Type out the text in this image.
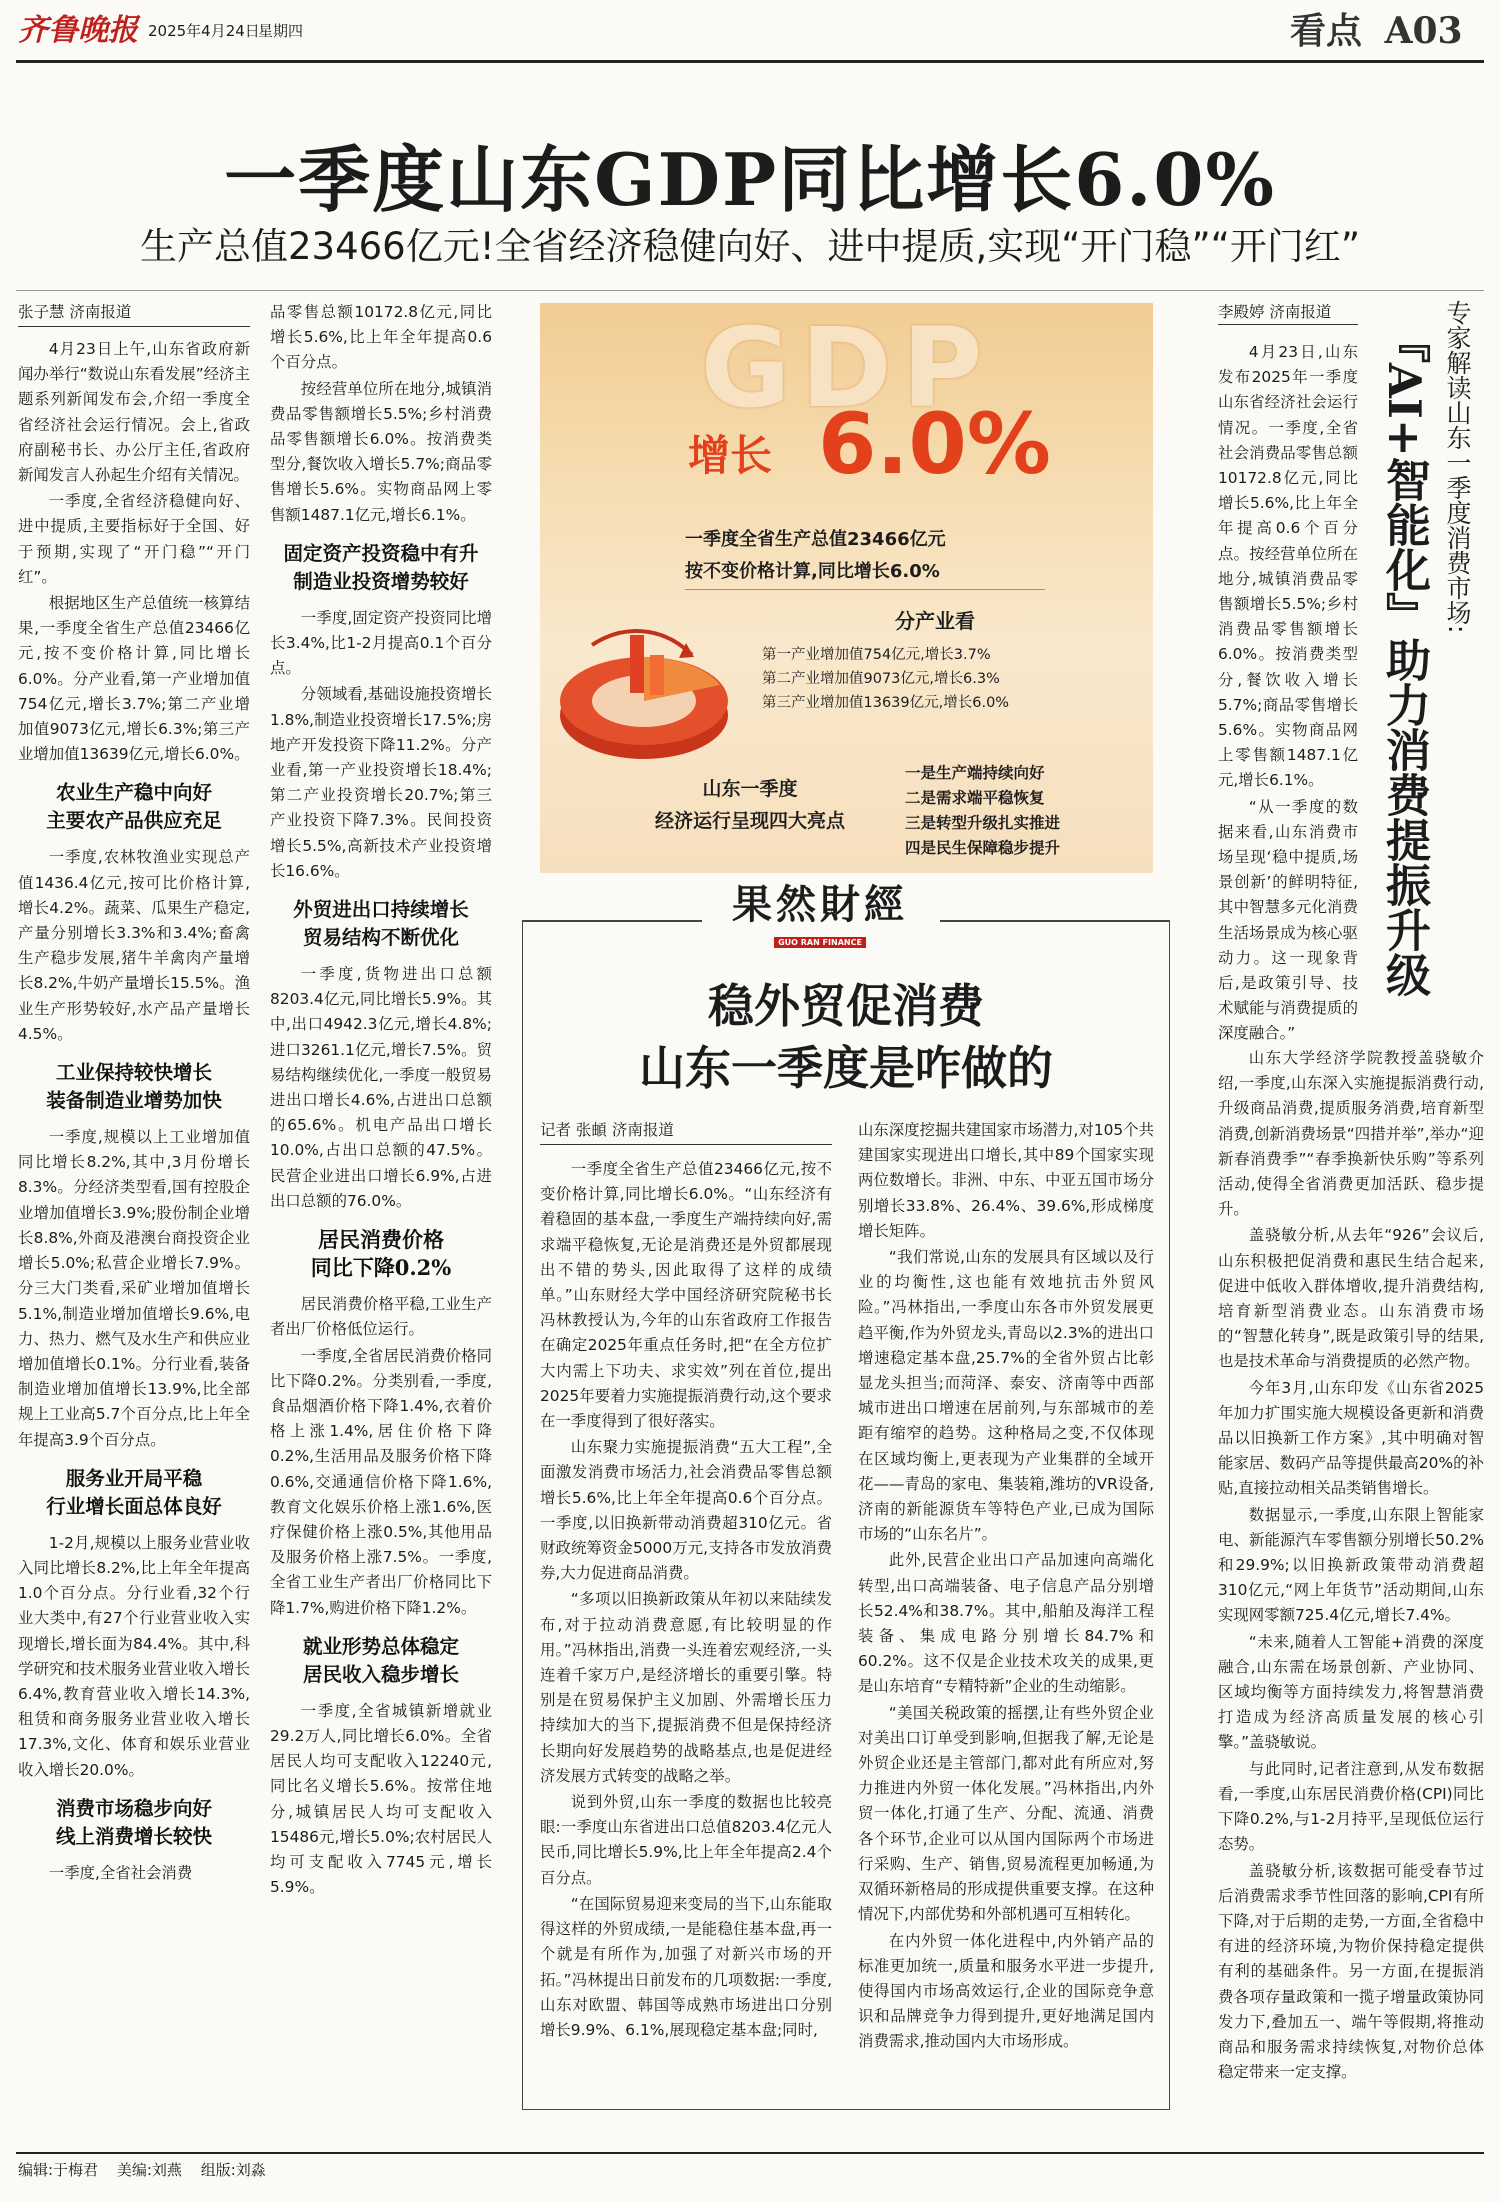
齐鲁晚报 2025年4月24日
星期四	看点 A03
一季度山东GDP同比增长6.0%
生产总值23466亿元!全省经济稳健向好、进中提质,实现“开门稳”“开门红”
张子慧 济南报道
4月23日上午,山东省政府新闻办举行“数说山东看发展”经济主题系列新闻发布会,介绍一季度全省经济社会运行情况。会上,省政府副秘书长、办公厅主任,省政府新闻发言人孙起生介绍有关情况。
一季度,全省经济稳健向好、进中提质,主要指标好于全国、好于预期,实现了“开门稳”“开门红”。
根据地区生产总值统一核算结果,一季度全省生产总值23466亿元,按不变价格计算,同比增长6.0%。分产业看,第一产业增加值754亿元,增长3.7%;第二产业增加值9073亿元,增长6.3%;第三产业增加值13639亿元,增长6.0%。
农业生产稳中向好
主要农产品供应充足
一季度,农林牧渔业实现总产值1436.4亿元,按可比价格计算,增长4.2%。蔬菜、瓜果生产稳定,产量分别增长3.3%和3.4%;畜禽生产稳步发展,猪牛羊禽肉产量增长8.2%,牛奶产量增长15.5%。渔业生产形势较好,水产品产量增长4.5%。
工业保持较快增长
装备制造业增势加快
一季度,规模以上工业增加值同比增长8.2%,其中,3月份增长8.3%。分经济类型看,国有控股企业增加值增长3.9%;股份制企业增长8.8%,外商及港澳台商投资企业增长5.0%;私营企业增长7.9%。分三大门类看,采矿业增加值增长5.1%,制造业增加值增长9.6%,电力、热力、燃气及水生产和供应业增加值增长0.1%。分行业看,装备制造业增加值增长13.9%,比全部规上工业高5.7个百分点,比上年全年提高3.9个百分点。
服务业开局平稳
行业增长面总体良好
1-2月,规模以上服务业营业收入同比增长8.2%,比上年全年提高1.0个百分点。分行业看,32个行业大类中,有27个行业营业收入实现增长,增长面为84.4%。其中,科学研究和技术服务业营业收入增长6.4%,教育营业收入增长14.3%,租赁和商务服务业营业收入增长17.3%,文化、体育和娱乐业营业收入增长20.0%。
消费市场稳步向好
线上消费增长较快
一季度,全省社会消费
品零售总额10172.8亿元,同比增长5.6%,比上年全年提高0.6个百分点。
按经营单位所在地分,城镇消费品零售额增长5.5%;乡村消费品零售额增长6.0%。按消费类型分,餐饮收入增长5.7%;商品零售增长5.6%。实物商品网上零售额1487.1亿元,增长6.1%。
固定资产投资稳中有升
制造业投资增势较好
一季度,固定资产投资同比增长3.4%,比1-2月提高0.1个百分点。
分领域看,基础设施投资增长1.8%,制造业投资增长17.5%;房地产开发投资下降11.2%。分产业看,第一产业投资增长18.4%;第二产业投资增长20.7%;第三产业投资下降7.3%。民间投资增长5.5%,高新技术产业投资增长16.6%。
外贸进出口持续增长
贸易结构不断优化
一季度,货物进出口总额8203.4亿元,同比增长5.9%。其中,出口4942.3亿元,增长4.8%;进口3261.1亿元,增长7.5%。贸易结构继续优化,一季度一般贸易进出口增长4.6%,占进出口总额的65.6%。机电产品出口增长10.0%,占出口总额的47.5%。民营企业进出口增长6.9%,占进出口总额的76.0%。
居民消费价格
同比下降0.2%
居民消费价格平稳,工业生产者出厂价格低位运行。
一季度,全省居民消费价格同比下降0.2%。分类别看,一季度,食品烟酒价格下降1.4%,衣着价格上涨1.4%,居住价格下降0.2%,生活用品及服务价格下降0.6%,交通通信价格下降1.6%,教育文化娱乐价格上涨1.6%,医疗保健价格上涨0.5%,其他用品及服务价格上涨7.5%。一季度,全省工业生产者出厂价格同比下降1.7%,购进价格下降1.2%。
就业形势总体稳定
居民收入稳步增长
一季度,全省城镇新增就业29.2万人,同比增长6.0%。全省居民人均可支配收入12240元,同比名义增长5.6%。按常住地分,城镇居民人均可支配收入15486元,增长5.0%;农村居民人均可支配收入7745元,增长5.9%。
GDP
增长 6.0%
一季度全省生产总值23466亿元
按不变价格计算,同比增长6.0%
分产业看
第一产业增加值754亿元,增长3.7%
第二产业增加值9073亿元,增长6.3%
第三产业增加值13639亿元,增长6.0%
山东一季度
经济运行呈现四大亮点
一是生产端持续向好
二是需求端平稳恢复
三是转型升级扎实推进
四是民生保障稳步提升
果然財經
GUO RAN FINANCE
稳外贸促消费
山东一季度是咋做的
记者 张頔 济南报道
一季度全省生产总值23466亿元,按不变价格计算,同比增长6.0%。“山东经济有着稳固的基本盘,一季度生产端持续向好,需求端平稳恢复,无论是消费还是外贸都展现出不错的势头,因此取得了这样的成绩单。”山东财经大学中国经济研究院秘书长冯林教授认为,今年的山东省政府工作报告在确定2025年重点任务时,把“在全方位扩大内需上下功夫、求实效”列在首位,提出2025年要着力实施提振消费行动,这个要求在一季度得到了很好落实。
山东聚力实施提振消费“五大工程”,全面激发消费市场活力,社会消费品零售总额增长5.6%,比上年全年提高0.6个百分点。一季度,以旧换新带动消费超310亿元。省财政统筹资金5000万元,支持各市发放消费券,大力促进商品消费。
“多项以旧换新政策从年初以来陆续发布,对于拉动消费意愿,有比较明显的作用。”冯林指出,消费一头连着宏观经济,一头连着千家万户,是经济增长的重要引擎。特别是在贸易保护主义加剧、外需增长压力持续加大的当下,提振消费不但是保持经济长期向好发展趋势的战略基点,也是促进经济发展方式转变的战略之举。
说到外贸,山东一季度的数据也比较亮眼:一季度山东省进出口总值8203.4亿元人民币,同比增长5.9%,比上年全年提高2.4个百分点。
“在国际贸易迎来变局的当下,山东能取得这样的外贸成绩,一是能稳住基本盘,再一个就是有所作为,加强了对新兴市场的开拓。”冯林提出日前发布的几项数据:一季度,山东对欧盟、韩国等成熟市场进出口分别增长9.9%、6.1%,展现稳定基本盘;同时,
山东深度挖掘共建国家市场潜力,对105个共建国家实现进出口增长,其中89个国家实现两位数增长。非洲、中东、中亚五国市场分别增长33.8%、26.4%、39.6%,形成梯度增长矩阵。
“我们常说,山东的发展具有区域以及行业的均衡性,这也能有效地抗击外贸风险。”冯林指出,一季度山东各市外贸发展更趋平衡,作为外贸龙头,青岛以2.3%的进出口增速稳定基本盘,25.7%的全省外贸占比彰显龙头担当;而菏泽、泰安、济南等中西部城市进出口增速在居前列,与东部城市的差距有缩窄的趋势。这种格局之变,不仅体现在区域均衡上,更表现为产业集群的全域开花——青岛的家电、集装箱,潍坊的VR设备,济南的新能源货车等特色产业,已成为国际市场的“山东名片”。
此外,民营企业出口产品加速向高端化转型,出口高端装备、电子信息产品分别增长52.4%和38.7%。其中,船舶及海洋工程装备、集成电路分别增长84.7%和60.2%。这不仅是企业技术攻关的成果,更是山东培育“专精特新”企业的生动缩影。
“美国关税政策的摇摆,让有些外贸企业对美出口订单受到影响,但据我了解,无论是外贸企业还是主管部门,都对此有所应对,努力推进内外贸一体化发展。”冯林指出,内外贸一体化,打通了生产、分配、流通、消费各个环节,企业可以从国内国际两个市场进行采购、生产、销售,贸易流程更加畅通,为双循环新格局的形成提供重要支撑。在这种情况下,内部优势和外部机遇可互相转化。
在内外贸一体化进程中,内外销产品的标准更加统一,质量和服务水平进一步提升,使得国内市场高效运行,企业的国际竞争意识和品牌竞争力得到提升,更好地满足国内消费需求,推动国内大市场形成。
李殿婷 济南报道
4月23日,山东发布2025年一季度山东省经济社会运行情况。一季度,全省社会消费品零售总额10172.8亿元,同比增长5.6%,比上年全年提高0.6个百分点。按经营单位所在地分,城镇消费品零售额增长5.5%;乡村消费品零售额增长6.0%。按消费类型分,餐饮收入增长5.7%;商品零售增长5.6%。实物商品网上零售额1487.1亿元,增长6.1%。
“从一季度的数据来看,山东消费市场呈现‘稳中提质,场景创新’的鲜明特征,其中智慧多元化消费生活场景成为核心驱动力。这一现象背后,是政策引导、技术赋能与消费提质的深度融合。”
专家解读山东一季度消费市场:
『AI+智能化』助力消费提振升级
山东大学经济学院教授盖骁敏介绍,一季度,山东深入实施提振消费行动,升级商品消费,提质服务消费,培育新型消费,创新消费场景“四措并举”,举办“迎新春消费季”“春季换新快乐购”等系列活动,使得全省消费更加活跃、稳步提升。
盖骁敏分析,从去年“926”会议后,山东积极把促消费和惠民生结合起来,促进中低收入群体增收,提升消费结构,培育新型消费业态。山东消费市场的“智慧化转身”,既是政策引导的结果,也是技术革命与消费提质的必然产物。
今年3月,山东印发《山东省2025年加力扩围实施大规模设备更新和消费品以旧换新工作方案》,其中明确对智能家居、数码产品等提供最高20%的补贴,直接拉动相关品类销售增长。
数据显示,一季度,山东限上智能家电、新能源汽车零售额分别增长50.2%和29.9%;以旧换新政策带动消费超310亿元,“网上年货节”活动期间,山东实现网零额725.4亿元,增长7.4%。
“未来,随着人工智能+消费的深度融合,山东需在场景创新、产业协同、区域均衡等方面持续发力,将智慧消费打造成为经济高质量发展的核心引擎。”盖骁敏说。
与此同时,记者注意到,从发布数据看,一季度,山东居民消费价格(CPI)同比下降0.2%,与1-2月持平,呈现低位运行态势。
盖骁敏分析,该数据可能受春节过后消费需求季节性回落的影响,CPI有所下降,对于后期的走势,一方面,全省稳中有进的经济环境,为物价保持稳定提供有利的基础条件。另一方面,在提振消费各项存量政策和一揽子增量政策协同发力下,叠加五一、端午等假期,将推动商品和服务需求持续恢复,对物价总体稳定带来一定支撑。
编辑:于梅君 美编:刘燕 组版:刘淼
